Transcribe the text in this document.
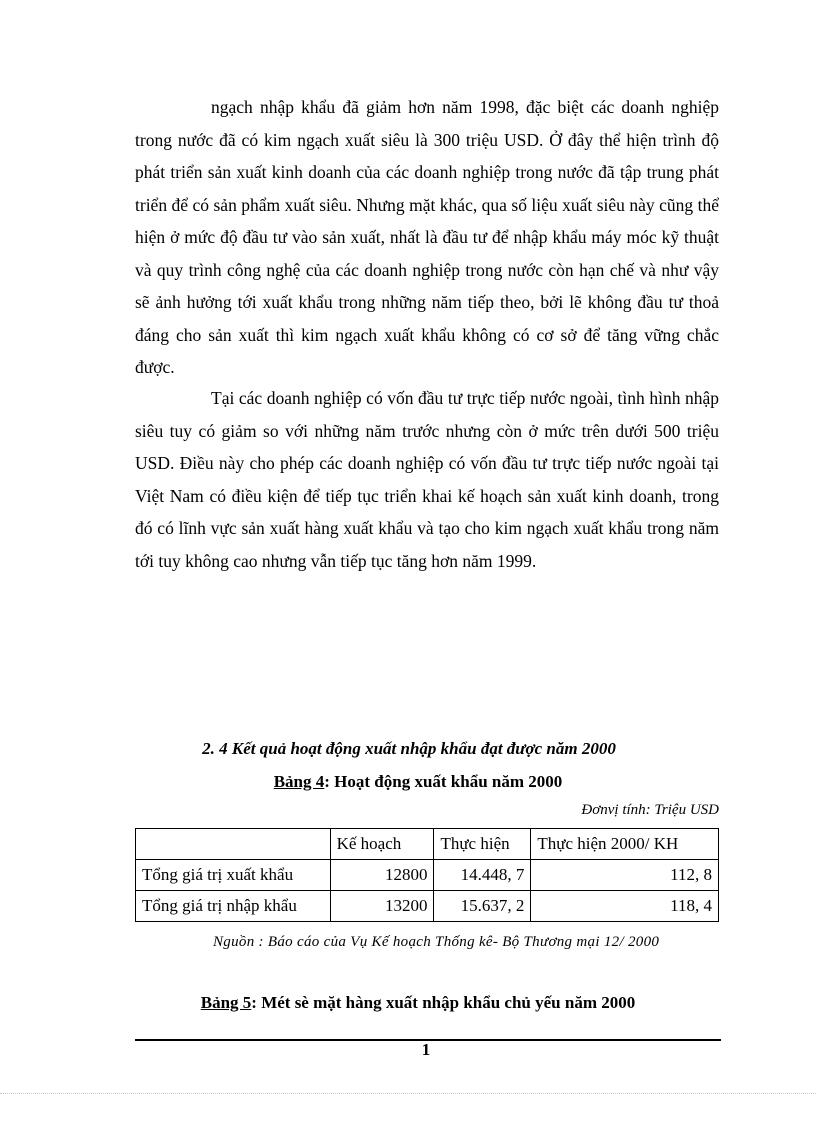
ngạch nhập khẩu đã giảm hơn năm 1998, đặc biệt các doanh nghiệp trong nước đã có kim ngạch xuất siêu là 300 triệu USD. Ở đây thể hiện trình độ phát triển sản xuất kinh doanh của các doanh nghiệp trong nước đã tập trung phát triển để có sản phẩm xuất siêu. Nhưng mặt khác, qua số liệu xuất siêu này cũng thể hiện ở mức độ đầu tư vào sản xuất, nhất là đầu tư để nhập khẩu máy móc kỹ thuật và quy trình công nghệ của các doanh nghiệp trong nước còn hạn chế và như vậy sẽ ảnh hưởng tới xuất khẩu trong những năm tiếp theo, bởi lẽ không đầu tư thoả đáng cho sản xuất thì kim ngạch xuất khẩu không có cơ sở để tăng vững chắc được.

Tại các doanh nghiệp có vốn đầu tư trực tiếp nước ngoài, tình hình nhập siêu tuy có giảm so với những năm trước nhưng còn ở mức trên dưới 500 triệu USD. Điều này cho phép các doanh nghiệp có vốn đầu tư trực tiếp nước ngoài tại Việt Nam có điều kiện để tiếp tục triển khai kế hoạch sản xuất kinh doanh, trong đó có lĩnh vực sản xuất hàng xuất khẩu và tạo cho kim ngạch xuất khẩu trong năm tới tuy không cao nhưng vẫn tiếp tục tăng hơn năm 1999.

2. 4 Kết quả hoạt động xuất nhập khẩu đạt được năm 2000

Bảng 4: Hoạt động xuất khẩu năm 2000

Đơnvị tính: Triệu USD

	Kế hoạch	Thực hiện	Thực hiện 2000/ KH
Tổng giá trị xuất khẩu	12800	14.448, 7	112, 8
Tổng giá trị nhập khẩu	13200	15.637, 2	118, 4

Nguồn : Báo cáo của Vụ Kế hoạch Thống kê- Bộ Thương mại 12/ 2000

Bảng 5: Mét sè mặt hàng xuất nhập khẩu chủ yếu năm 2000

1
